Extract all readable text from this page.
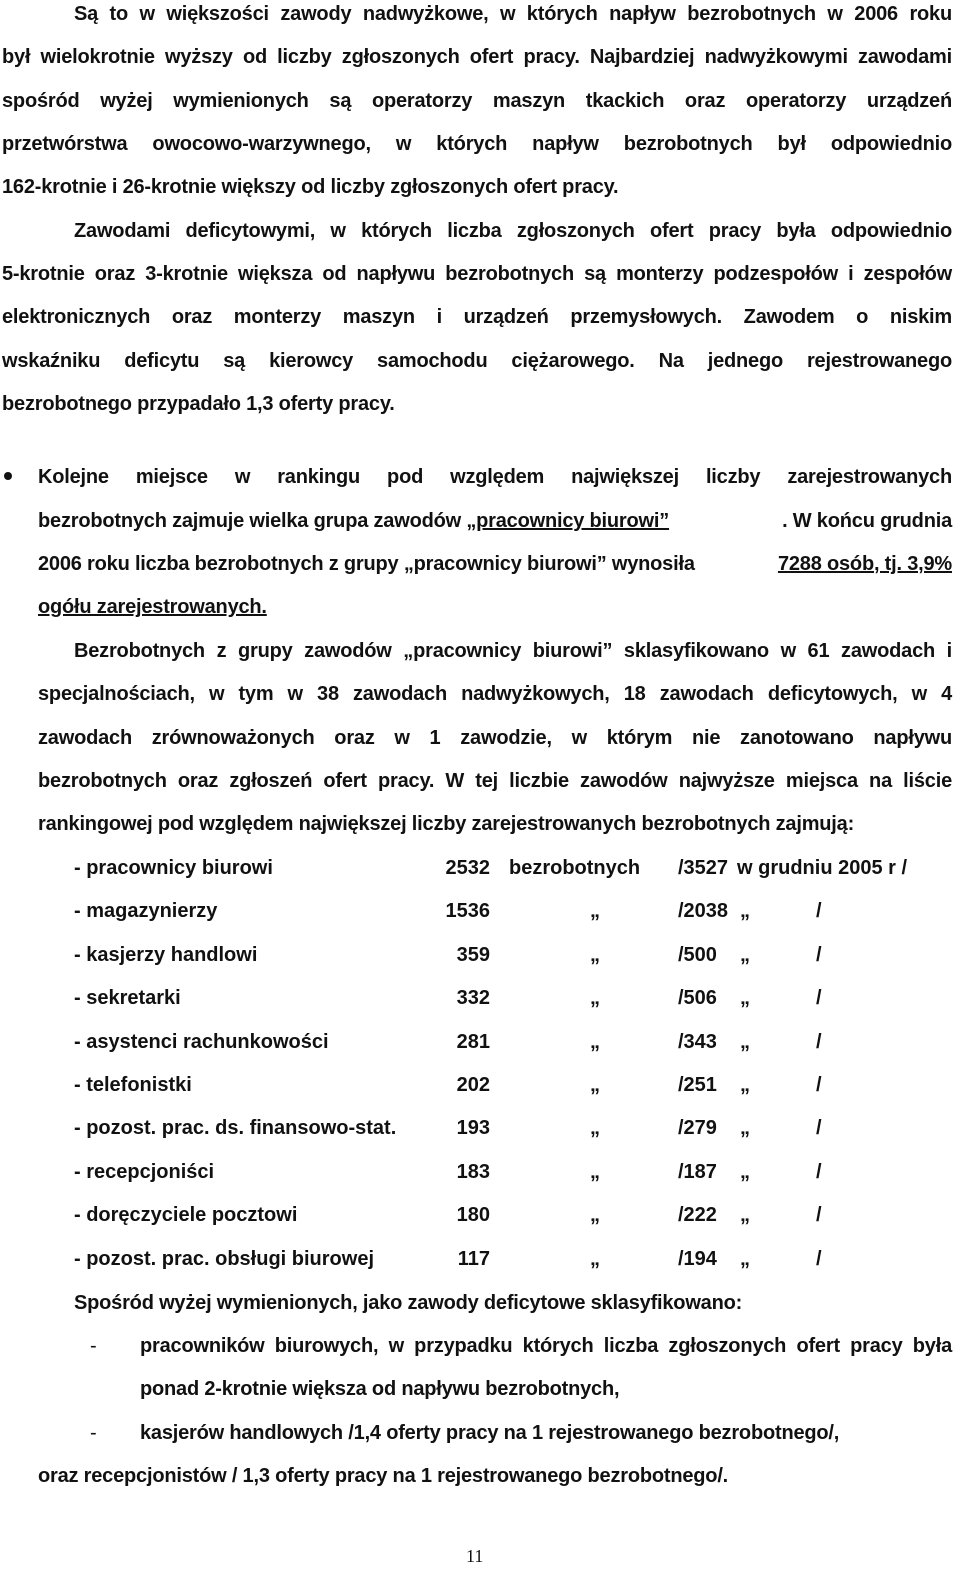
Są to w większości zawody nadwyżkowe, w których napływ bezrobotnych w 2006 roku
był wielokrotnie wyższy od liczby zgłoszonych ofert pracy. Najbardziej nadwyżkowymi zawodami
spośród wyżej wymienionych są operatorzy maszyn tkackich oraz operatorzy urządzeń
przetwórstwa owocowo-warzywnego, w których napływ bezrobotnych był odpowiednio
162-krotnie i 26-krotnie większy od liczby zgłoszonych ofert pracy.
Zawodami deficytowymi, w których liczba zgłoszonych ofert pracy była odpowiednio
5-krotnie oraz 3-krotnie większa od napływu bezrobotnych są monterzy podzespołów i zespołów
elektronicznych oraz monterzy maszyn i urządzeń przemysłowych. Zawodem o niskim
wskaźniku deficytu są kierowcy samochodu ciężarowego. Na jednego rejestrowanego
bezrobotnego przypadało 1,3 oferty pracy.
Kolejne miejsce w rankingu pod względem największej liczby zarejestrowanych
bezrobotnych zajmuje wielka grupa zawodów „pracownicy biurowi”	. W końcu grudnia
2006 roku liczba bezrobotnych z grupy „pracownicy biurowi” wynosiła	7288 osób, tj. 3,9%
ogółu zarejestrowanych.
Bezrobotnych z grupy zawodów „pracownicy biurowi” sklasyfikowano w 61 zawodach i
specjalnościach, w tym w 38 zawodach nadwyżkowych, 18 zawodach deficytowych, w 4
zawodach zrównoważonych oraz w 1 zawodzie, w którym nie zanotowano napływu
bezrobotnych oraz zgłoszeń ofert pracy. W tej liczbie zawodów najwyższe miejsca na liście
rankingowej pod względem największej liczby zarejestrowanych bezrobotnych zajmują:
- pracownicy biurowi	2532 bezrobotnych /3527 w grudniu 2005 r /
- magazynierzy	1536	„	/2038 „	/
- kasjerzy handlowi	359	„	/500 „	/
- sekretarki	332	„	/506 „	/
- asystenci rachunkowości	281	„	/343 „	/
- telefonistki	202	„	/251 „	/
- pozost. prac. ds. finansowo-stat.	193	„	/279 „	/
- recepcjoniści	183	„	/187 „	/
- doręczyciele pocztowi	180	„	/222 „	/
- pozost. prac. obsługi biurowej	117	„	/194 „	/
Spośród wyżej wymienionych, jako zawody deficytowe sklasyfikowano:
- pracowników biurowych, w przypadku których liczba zgłoszonych ofert pracy była
ponad 2-krotnie większa od napływu bezrobotnych,
- kasjerów handlowych /1,4 oferty pracy na 1 rejestrowanego bezrobotnego/,
oraz recepcjonistów / 1,3 oferty pracy na 1 rejestrowanego bezrobotnego/.
11
